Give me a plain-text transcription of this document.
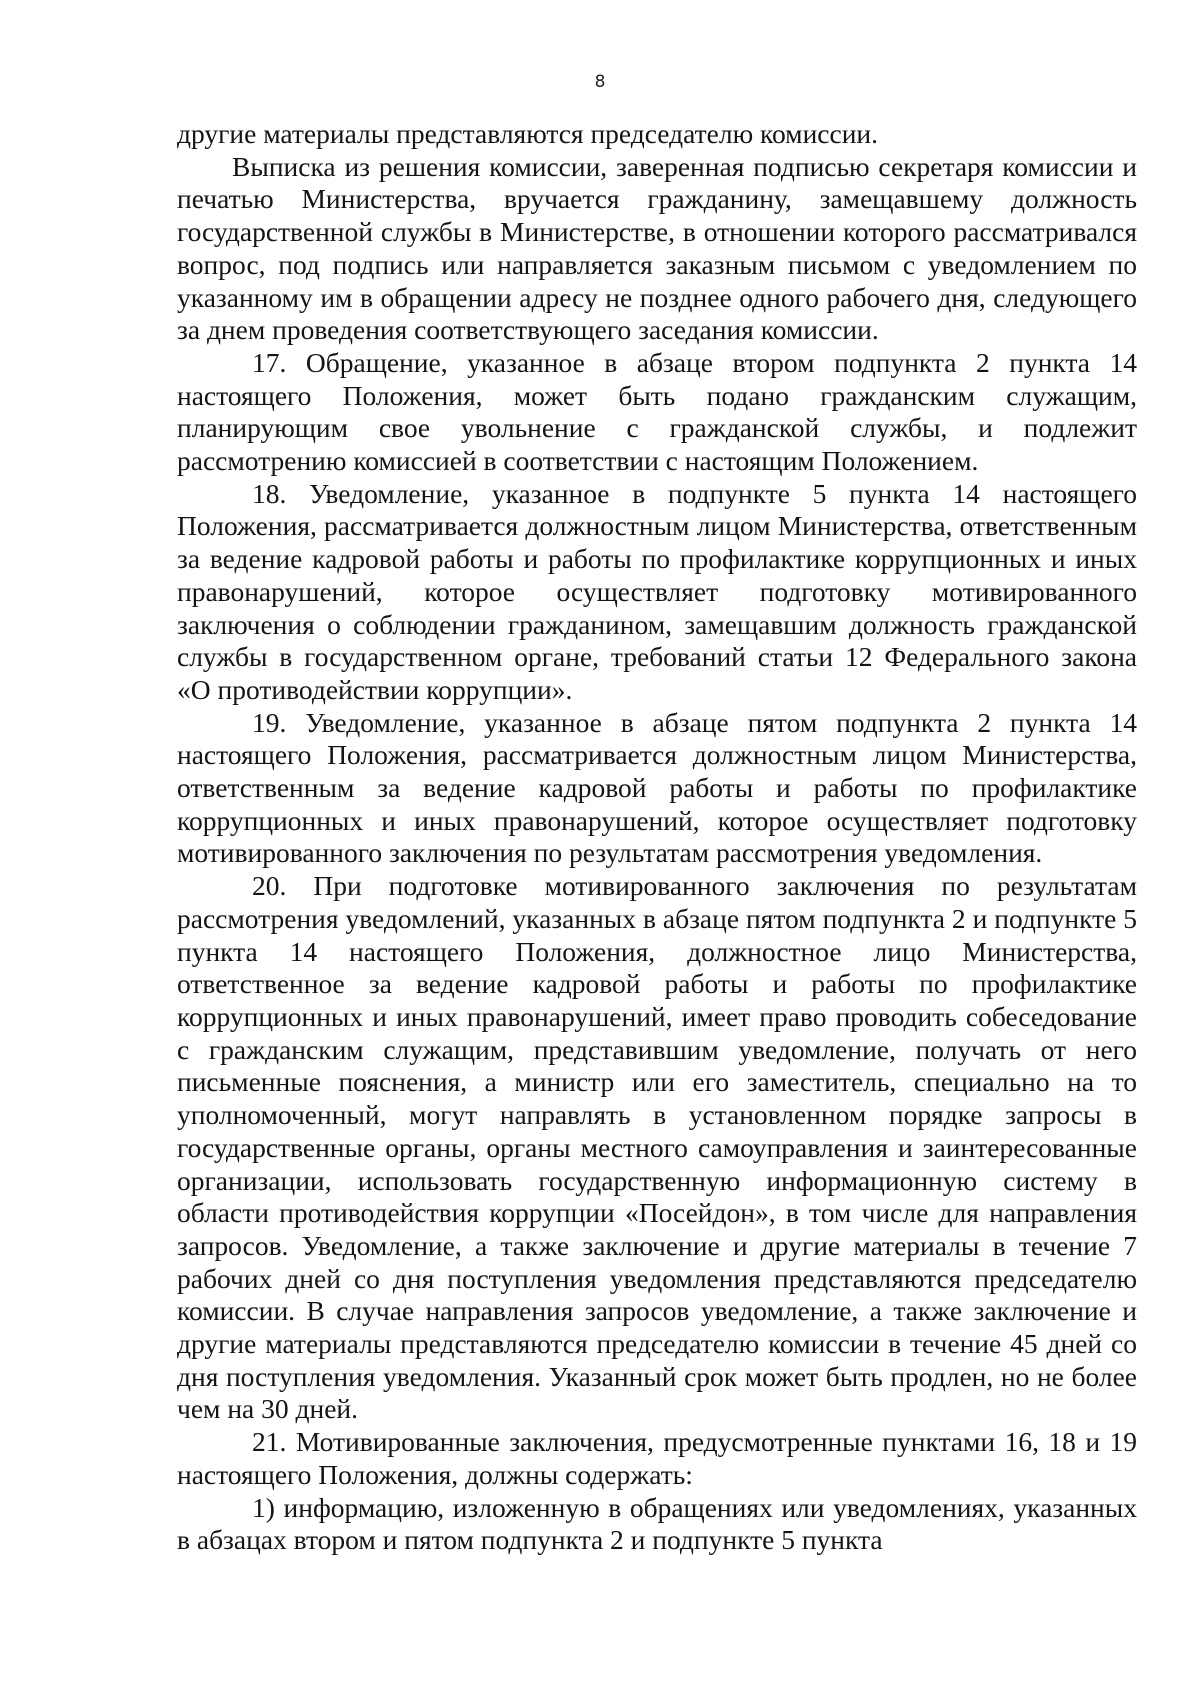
8

другие материалы представляются председателю комиссии.

Выписка из решения комиссии, заверенная подписью секретаря комиссии и печатью Министерства, вручается гражданину, замещавшему должность государственной службы в Министерстве, в отношении которого рассматривался вопрос, под подпись или направляется заказным письмом с уведомлением по указанному им в обращении адресу не позднее одного рабочего дня, следующего за днем проведения соответствующего заседания комиссии.

17. Обращение, указанное в абзаце втором подпункта 2 пункта 14 настоящего Положения, может быть подано гражданским служащим, планирующим свое увольнение с гражданской службы, и подлежит рассмотрению комиссией в соответствии с настоящим Положением.

18. Уведомление, указанное в подпункте 5 пункта 14 настоящего Положения, рассматривается должностным лицом Министерства, ответственным за ведение кадровой работы и работы по профилактике коррупционных и иных правонарушений, которое осуществляет подготовку мотивированного заключения о соблюдении гражданином, замещавшим должность гражданской службы в государственном органе, требований статьи 12 Федерального закона «О противодействии коррупции».

19. Уведомление, указанное в абзаце пятом подпункта 2 пункта 14 настоящего Положения, рассматривается должностным лицом Министерства, ответственным за ведение кадровой работы и работы по профилактике коррупционных и иных правонарушений, которое осуществляет подготовку мотивированного заключения по результатам рассмотрения уведомления.

20. При подготовке мотивированного заключения по результатам рассмотрения уведомлений, указанных в абзаце пятом подпункта 2 и подпункте 5 пункта 14 настоящего Положения, должностное лицо Министерства, ответственное за ведение кадровой работы и работы по профилактике коррупционных и иных правонарушений, имеет право проводить собеседование с гражданским служащим, представившим уведомление, получать от него письменные пояснения, а министр или его заместитель, специально на то уполномоченный, могут направлять в установленном порядке запросы в государственные органы, органы местного самоуправления и заинтересованные организации, использовать государственную информационную систему в области противодействия коррупции «Посейдон», в том числе для направления запросов. Уведомление, а также заключение и другие материалы в течение 7 рабочих дней со дня поступления уведомления представляются председателю комиссии. В случае направления запросов уведомление, а также заключение и другие материалы представляются председателю комиссии в течение 45 дней со дня поступления уведомления. Указанный срок может быть продлен, но не более чем на 30 дней.

21. Мотивированные заключения, предусмотренные пунктами 16, 18 и 19 настоящего Положения, должны содержать:

1) информацию, изложенную в обращениях или уведомлениях, указанных в абзацах втором и пятом подпункта 2 и подпункте 5 пункта
